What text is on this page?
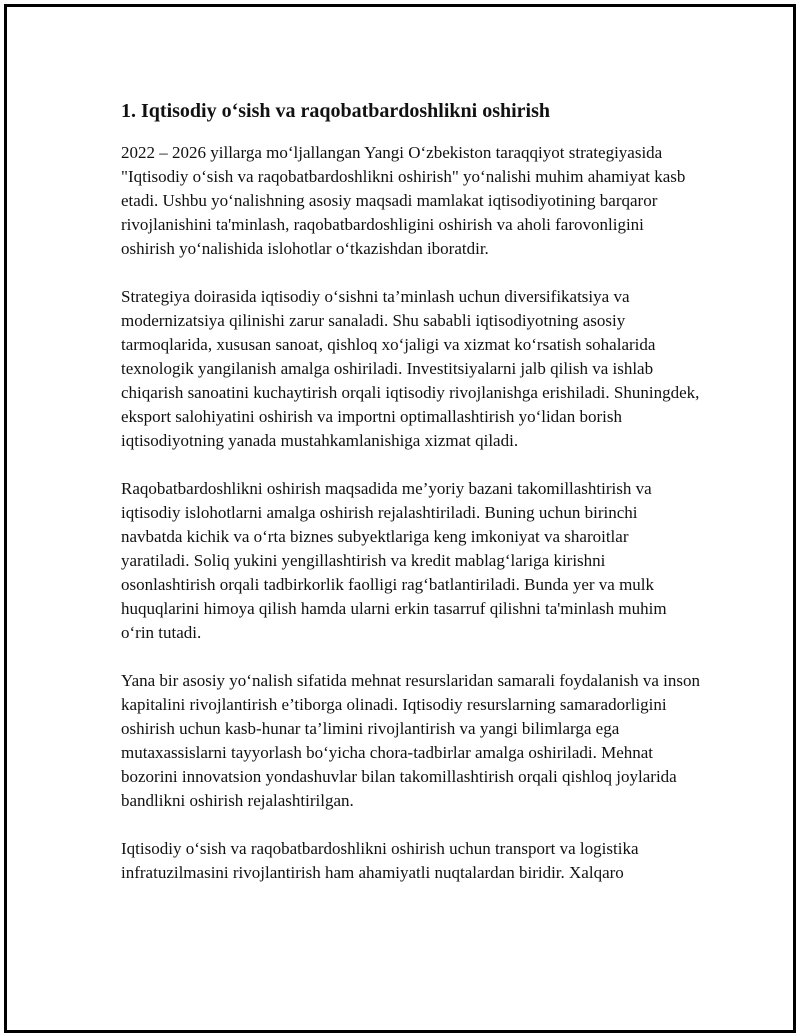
1. Iqtisodiy o‘sish va raqobatbardoshlikni oshirish

2022 – 2026 yillarga mo‘ljallangan Yangi O‘zbekiston taraqqiyot strategiyasida "Iqtisodiy o‘sish va raqobatbardoshlikni oshirish" yo‘nalishi muhim ahamiyat kasb etadi. Ushbu yo‘nalishning asosiy maqsadi mamlakat iqtisodiyotining barqaror rivojlanishini ta'minlash, raqobatbardoshligini oshirish va aholi farovonligini oshirish yo‘nalishida islohotlar o‘tkazishdan iboratdir.

Strategiya doirasida iqtisodiy o‘sishni ta’minlash uchun diversifikatsiya va modernizatsiya qilinishi zarur sanaladi. Shu sababli iqtisodiyotning asosiy tarmoqlarida, xususan sanoat, qishloq xo‘jaligi va xizmat ko‘rsatish sohalarida texnologik yangilanish amalga oshiriladi. Investitsiyalarni jalb qilish va ishlab chiqarish sanoatini kuchaytirish orqali iqtisodiy rivojlanishga erishiladi. Shuningdek, eksport salohiyatini oshirish va importni optimallashtirish yo‘lidan borish iqtisodiyotning yanada mustahkamlanishiga xizmat qiladi.

Raqobatbardoshlikni oshirish maqsadida me’yoriy bazani takomillashtirish va iqtisodiy islohotlarni amalga oshirish rejalashtiriladi. Buning uchun birinchi navbatda kichik va o‘rta biznes subyektlariga keng imkoniyat va sharoitlar yaratiladi. Soliq yukini yengillashtirish va kredit mablag‘lariga kirishni osonlashtirish orqali tadbirkorlik faolligi rag‘batlantiriladi. Bunda yer va mulk huquqlarini himoya qilish hamda ularni erkin tasarruf qilishni ta'minlash muhim o‘rin tutadi.

Yana bir asosiy yo‘nalish sifatida mehnat resurslaridan samarali foydalanish va inson kapitalini rivojlantirish e’tiborga olinadi. Iqtisodiy resurslarning samaradorligini oshirish uchun kasb-hunar ta’limini rivojlantirish va yangi bilimlarga ega mutaxassislarni tayyorlash bo‘yicha chora-tadbirlar amalga oshiriladi. Mehnat bozorini innovatsion yondashuvlar bilan takomillashtirish orqali qishloq joylarida bandlikni oshirish rejalashtirilgan.

Iqtisodiy o‘sish va raqobatbardoshlikni oshirish uchun transport va logistika infratuzilmasini rivojlantirish ham ahamiyatli nuqtalardan biridir. Xalqaro
